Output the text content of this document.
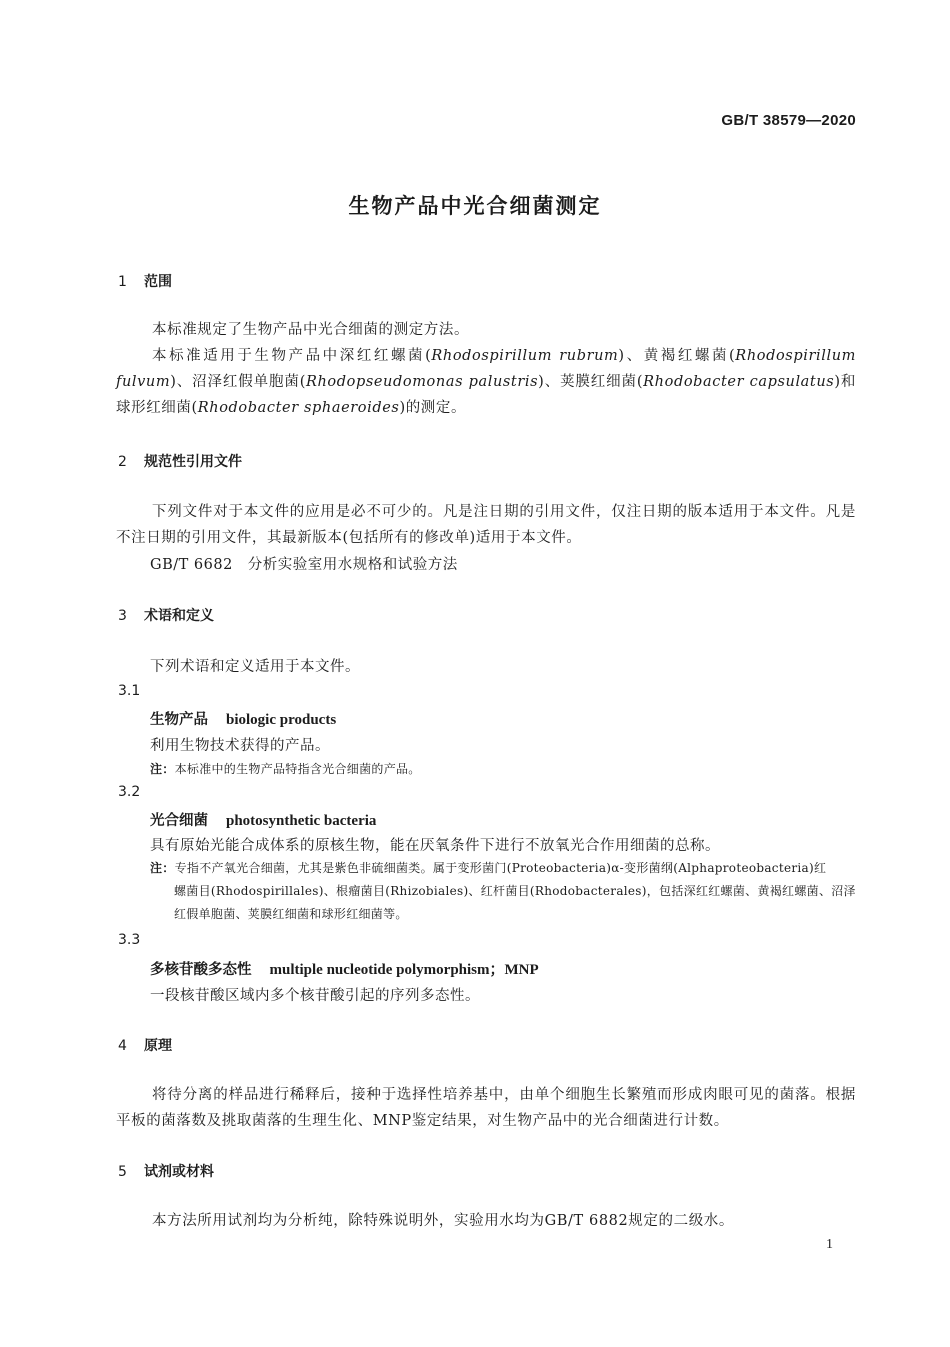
GB/T 38579—2020
生物产品中光合细菌测定
1 范围
本标准规定了生物产品中光合细菌的测定方法。
本标准适用于生物产品中深红红螺菌(Rhodospirillum rubrum)、黄褐红螺菌(Rhodospirillum fulvum)、沼泽红假单胞菌(Rhodopseudomonas palustris)、荚膜红细菌(Rhodobacter capsulatus)和球形红细菌(Rhodobacter sphaeroides)的测定。
2 规范性引用文件
下列文件对于本文件的应用是必不可少的。凡是注日期的引用文件，仅注日期的版本适用于本文件。凡是不注日期的引用文件，其最新版本(包括所有的修改单)适用于本文件。
GB/T 6682　分析实验室用水规格和试验方法
3 术语和定义
下列术语和定义适用于本文件。
3.1
生物产品 biologic products
利用生物技术获得的产品。
注：本标准中的生物产品特指含光合细菌的产品。
3.2
光合细菌 photosynthetic bacteria
具有原始光能合成体系的原核生物，能在厌氧条件下进行不放氧光合作用细菌的总称。
注：专指不产氧光合细菌，尤其是紫色非硫细菌类。属于变形菌门(Proteobacteria)α-变形菌纲(Alphaproteobacteria)红
螺菌目(Rhodospirillales)、根瘤菌目(Rhizobiales)、红杆菌目(Rhodobacterales)，包括深红红螺菌、黄褐红螺菌、沼泽红假单胞菌、荚膜红细菌和球形红细菌等。
3.3
多核苷酸多态性 multiple nucleotide polymorphism；MNP
一段核苷酸区域内多个核苷酸引起的序列多态性。
4 原理
将待分离的样品进行稀释后，接种于选择性培养基中，由单个细胞生长繁殖而形成肉眼可见的菌落。根据平板的菌落数及挑取菌落的生理生化、MNP鉴定结果，对生物产品中的光合细菌进行计数。
5 试剂或材料
本方法所用试剂均为分析纯，除特殊说明外，实验用水均为GB/T 6882规定的二级水。
1
